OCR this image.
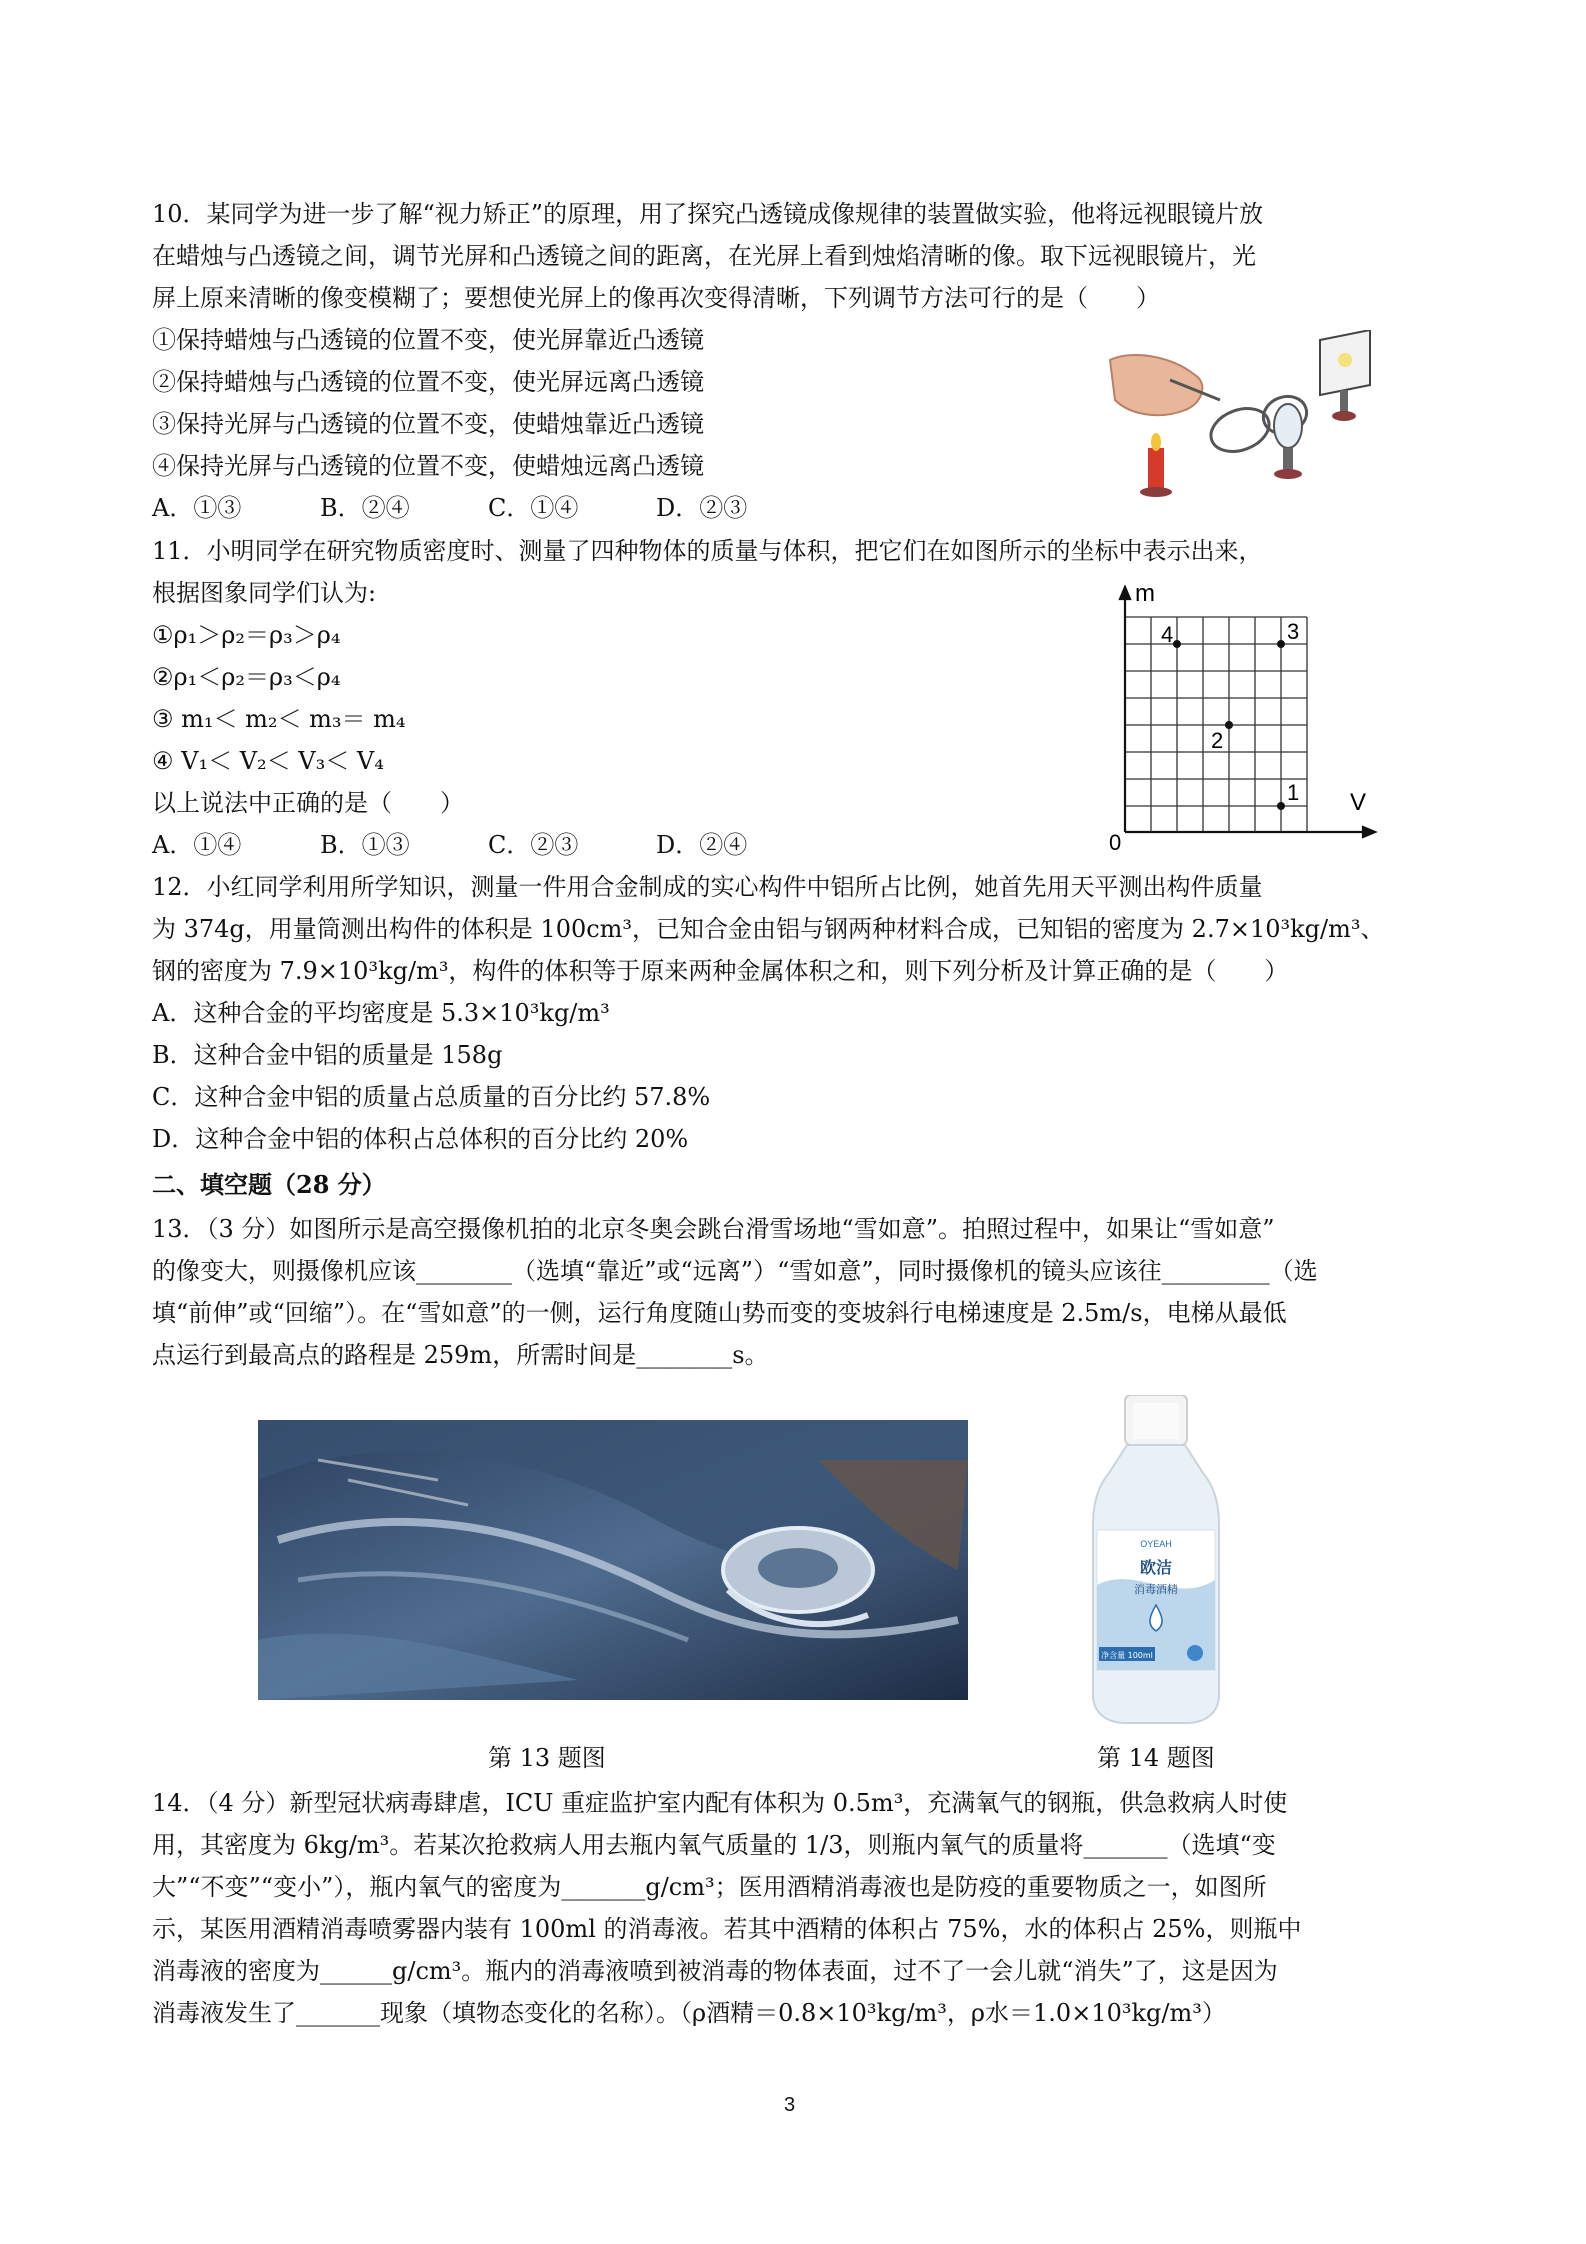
10．某同学为进一步了解“视力矫正”的原理，用了探究凸透镜成像规律的装置做实验，他将远视眼镜片放
在蜡烛与凸透镜之间，调节光屏和凸透镜之间的距离，在光屏上看到烛焰清晰的像。取下远视眼镜片，光
屏上原来清晰的像变模糊了；要想使光屏上的像再次变得清晰，下列调节方法可行的是（　　）
①保持蜡烛与凸透镜的位置不变，使光屏靠近凸透镜
②保持蜡烛与凸透镜的位置不变，使光屏远离凸透镜
③保持光屏与凸透镜的位置不变，使蜡烛靠近凸透镜
④保持光屏与凸透镜的位置不变，使蜡烛远离凸透镜
A．①③	B．②④	C．①④	D．②③
11．小明同学在研究物质密度时、测量了四种物体的质量与体积，把它们在如图所示的坐标中表示出来，
根据图象同学们认为:
①ρ₁＞ρ₂＝ρ₃＞ρ₄
②ρ₁＜ρ₂＝ρ₃＜ρ₄
③ m₁＜ m₂＜ m₃＝ m₄
④ V₁＜ V₂＜ V₃＜ V₄
以上说法中正确的是（　　）
A．①④	B．①③	C．②③	D．②④
m
V
0
1
2
3
4
12．小红同学利用所学知识，测量一件用合金制成的实心构件中铝所占比例，她首先用天平测出构件质量
为 374g，用量筒测出构件的体积是 100cm³，已知合金由铝与钢两种材料合成，已知铝的密度为 2.7×10³kg/m³、
钢的密度为 7.9×10³kg/m³，构件的体积等于原来两种金属体积之和，则下列分析及计算正确的是（　　）
A．这种合金的平均密度是 5.3×10³kg/m³
B．这种合金中铝的质量是 158g
C．这种合金中铝的质量占总质量的百分比约 57.8%
D．这种合金中铝的体积占总体积的百分比约 20%
二、填空题（28 分）
13．（3 分）如图所示是高空摄像机拍的北京冬奥会跳台滑雪场地“雪如意”。拍照过程中，如果让“雪如意”
的像变大，则摄像机应该________（选填“靠近”或“远离”）“雪如意”，同时摄像机的镜头应该往_________（选
填“前伸”或“回缩”）。在“雪如意”的一侧，运行角度随山势而变的变坡斜行电梯速度是 2.5m/s，电梯从最低
点运行到最高点的路程是 259m，所需时间是________s。
OYEAH
欧洁
消毒酒精
净含量 100ml
第 13 题图	第 14 题图
14．（4 分）新型冠状病毒肆虐，ICU 重症监护室内配有体积为 0.5m³，充满氧气的钢瓶，供急救病人时使
用，其密度为 6kg/m³。若某次抢救病人用去瓶内氧气质量的 1/3，则瓶内氧气的质量将_______（选填“变
大”“不变”“变小”），瓶内氧气的密度为_______g/cm³；医用酒精消毒液也是防疫的重要物质之一，如图所
示，某医用酒精消毒喷雾器内装有 100ml 的消毒液。若其中酒精的体积占 75%，水的体积占 25%，则瓶中
消毒液的密度为______g/cm³。瓶内的消毒液喷到被消毒的物体表面，过不了一会儿就“消失”了，这是因为
消毒液发生了_______现象（填物态变化的名称）。（ρ酒精＝0.8×10³kg/m³，ρ水＝1.0×10³kg/m³）
3
